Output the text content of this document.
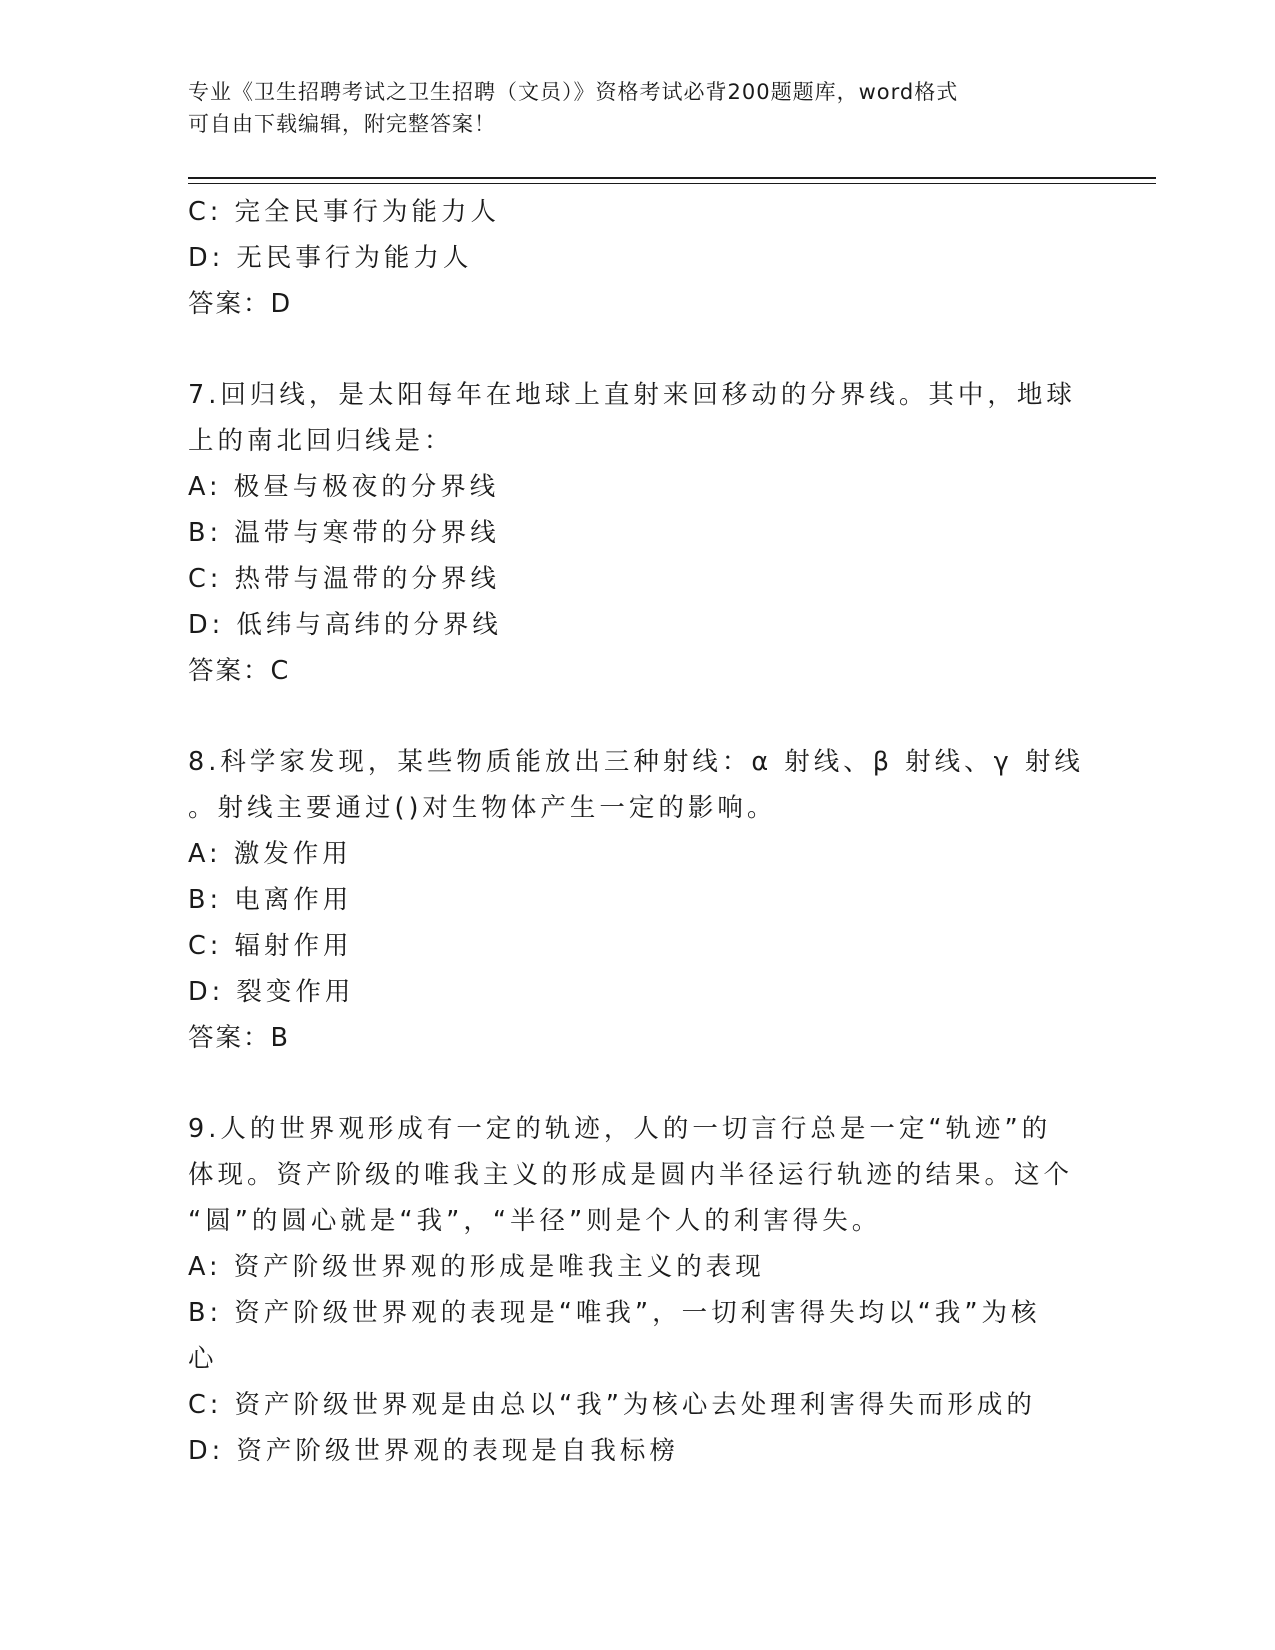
专业《卫生招聘考试之卫生招聘（文员）》资格考试必背200题题库，word格式
可自由下载编辑，附完整答案！
C: 完全民事行为能力人
D: 无民事行为能力人
答案：D
7.回归线，是太阳每年在地球上直射来回移动的分界线。其中，地球
上的南北回归线是：
A: 极昼与极夜的分界线
B: 温带与寒带的分界线
C: 热带与温带的分界线
D: 低纬与高纬的分界线
答案：C
8.科学家发现，某些物质能放出三种射线：α 射线、β 射线、γ 射线
。射线主要通过()对生物体产生一定的影响。
A: 激发作用
B: 电离作用
C: 辐射作用
D: 裂变作用
答案：B
9.人的世界观形成有一定的轨迹，人的一切言行总是一定“轨迹”的
体现。资产阶级的唯我主义的形成是圆内半径运行轨迹的结果。这个
“圆”的圆心就是“我”，“半径”则是个人的利害得失。
A: 资产阶级世界观的形成是唯我主义的表现
B: 资产阶级世界观的表现是“唯我”，一切利害得失均以“我”为核
心
C: 资产阶级世界观是由总以“我”为核心去处理利害得失而形成的
D: 资产阶级世界观的表现是自我标榜
